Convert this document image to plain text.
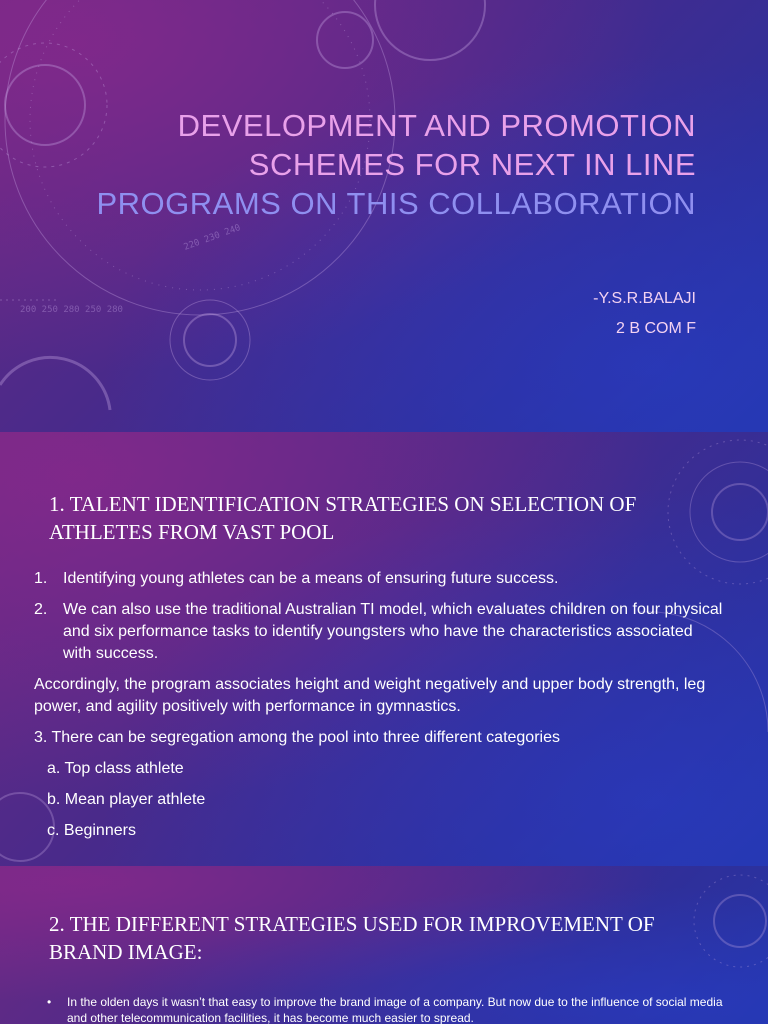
200 250 280 250 280
220 230 240
DEVELOPMENT AND PROMOTION
SCHEMES FOR NEXT IN LINE
PROGRAMS ON THIS COLLABORATION
-Y.S.R.BALAJI
2 B COM F
1. TALENT IDENTIFICATION STRATEGIES ON SELECTION OF ATHLETES FROM VAST POOL
1. Identifying young athletes can be a means of ensuring future success.
2. We can also use the traditional Australian TI model, which evaluates children on four physical and six performance tasks to identify youngsters who have the characteristics associated with success.

Accordingly, the program associates height and weight negatively and upper body strength, leg power, and agility positively with performance in gymnastics.

3. There can be segregation among the pool into three different categories

a. Top class athlete
b. Mean player athlete
c. Beginners
2. THE DIFFERENT STRATEGIES USED FOR IMPROVEMENT OF BRAND IMAGE:
•	In the olden days it wasn’t that easy to improve the brand image of a company. But now due to the influence of social media and other telecommunication facilities, it has become much easier to spread.
